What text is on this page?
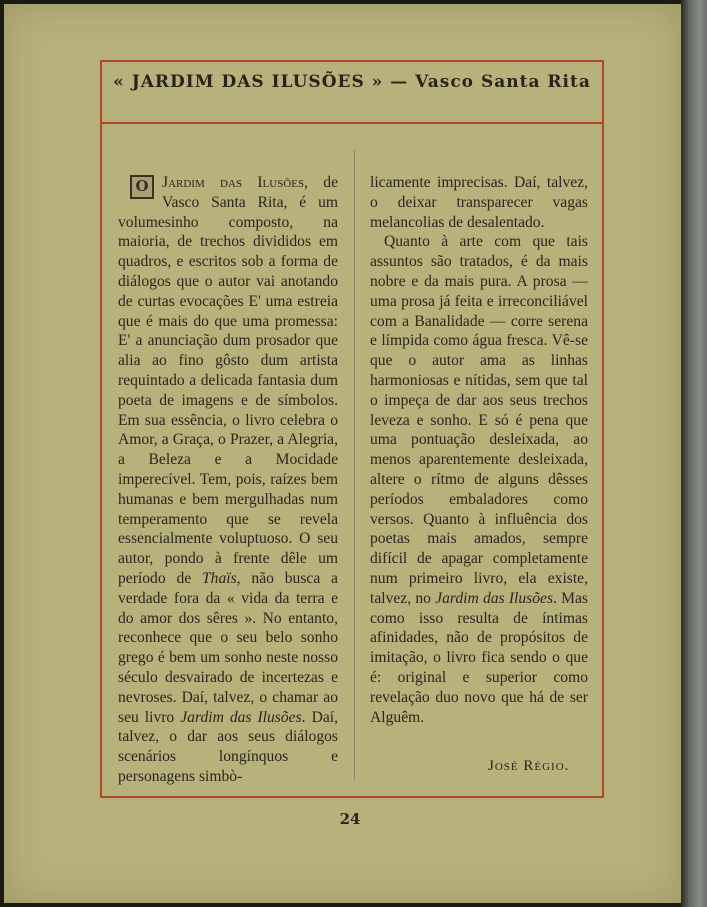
« JARDIM DAS ILUSÕES » — Vasco Santa Rita

O Jardim das Ilusões, de Vasco Santa Rita, é um volumesinho composto, na maioria, de trechos divididos em quadros, e escritos sob a forma de diálogos que o autor vai anotando de curtas evocações E' uma estreia que é mais do que uma promessa: E' a anunciação dum prosador que alia ao fino gôsto dum artista requintado a delicada fantasia dum poeta de imagens e de símbolos. Em sua essência, o livro celebra o Amor, a Graça, o Prazer, a Alegria, a Beleza e a Mocidade imperecível. Tem, pois, raízes bem humanas e bem mergulhadas num temperamento que se revela essencialmente voluptuoso. O seu autor, pondo à frente dêle um período de Thaïs, não busca a verdade fora da « vida da terra e do amor dos sêres ». No entanto, reconhece que o seu belo sonho grego é bem um sonho neste nosso século desvairado de incertezas e nevroses. Daí, talvez, o chamar ao seu livro Jardim das Ilusões. Daí, talvez, o dar aos seus diálogos scenários longínquos e personagens simbò-

licamente imprecisas. Daí, talvez, o deixar transparecer vagas melancolias de desalentado.

Quanto à arte com que tais assuntos são tratados, é da mais nobre e da mais pura. A prosa — uma prosa já feita e irreconciliável com a Banalidade — corre serena e límpida como água fresca. Vê-se que o autor ama as linhas harmoniosas e nítidas, sem que tal o impeça de dar aos seus trechos leveza e sonho. E só é pena que uma pontuação desleixada, ao menos aparentemente desleixada, altere o rítmo de alguns dêsses períodos embaladores como versos. Quanto à influência dos poetas mais amados, sempre difícil de apagar completamente num primeiro livro, ela existe, talvez, no Jardim das Ilusões. Mas como isso resulta de íntimas afinidades, não de propósitos de imitação, o livro fica sendo o que é: original e superior como revelação duo novo que há de ser Alguêm.

José Régio.
24
